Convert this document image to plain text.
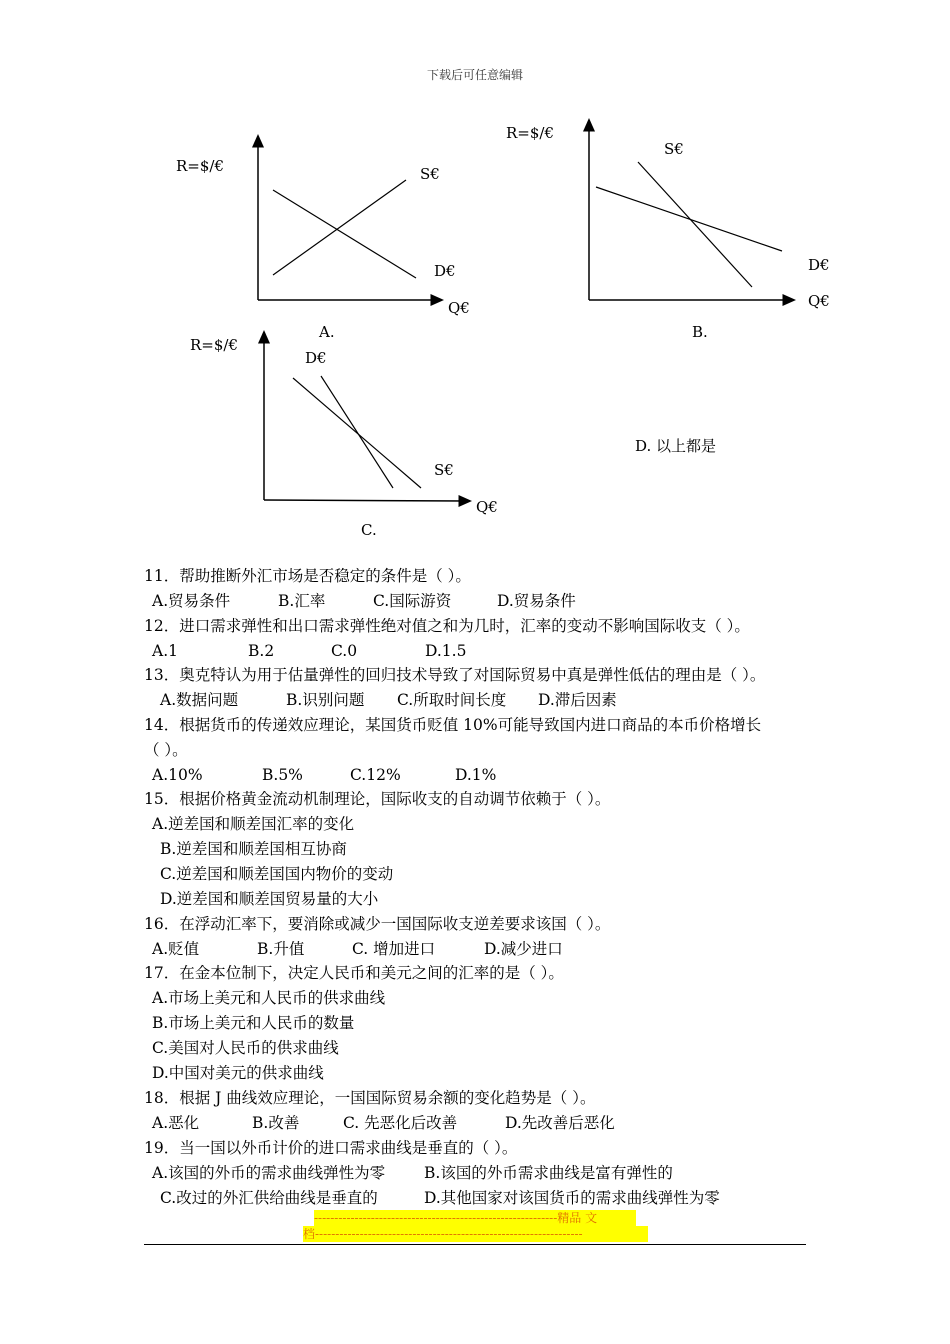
下载后可任意编辑
R=$/€	S€
D€
Q€
A.
R=$/€
S€
D€
Q€
B.
R=$/€
D€
S€
Q€
C.
D. 以上都是
11．帮助推断外汇市场是否稳定的条件是（ ）。
A.贸易条件	B.汇率	C.国际游资	D.贸易条件
12．进口需求弹性和出口需求弹性绝对值之和为几时，汇率的变动不影响国际收支（ ）。
A.1	B.2	C.0	D.1.5
13．奥克特认为用于估量弹性的回归技术导致了对国际贸易中真是弹性低估的理由是（ ）。
A.数据问题	B.识别问题 C.所取时间长度 D.滞后因素
14．根据货币的传递效应理论，某国货币贬值 10%可能导致国内进口商品的本币价格增长
（ ）。
A.10%	B.5%	C.12%	D.1%
15．根据价格黄金流动机制理论，国际收支的自动调节依赖于（ ）。
A.逆差国和顺差国汇率的变化
B.逆差国和顺差国相互协商
C.逆差国和顺差国国内物价的变动
D.逆差国和顺差国贸易量的大小
16．在浮动汇率下，要消除或减少一国国际收支逆差要求该国（ ）。
A.贬值	B.升值	C. 增加进口	D.减少进口
17．在金本位制下，决定人民币和美元之间的汇率的是（ ）。
A.市场上美元和人民币的供求曲线
B.市场上美元和人民币的数量
C.美国对人民币的供求曲线
D.中国对美元的供求曲线
18．根据 J 曲线效应理论，一国国际贸易余额的变化趋势是（ ）。
A.恶化	B.改善	C. 先恶化后改善	D.先改善后恶化
19．当一国以外币计价的进口需求曲线是垂直的（ ）。
A.该国的外币的需求曲线弹性为零	B.该国的外币需求曲线是富有弹性的
C.改过的外汇供给曲线是垂直的	D.其他国家对该国货币的需求曲线弹性为零
------------------------------------------------------------精品 文
档------------------------------------------------------------------
